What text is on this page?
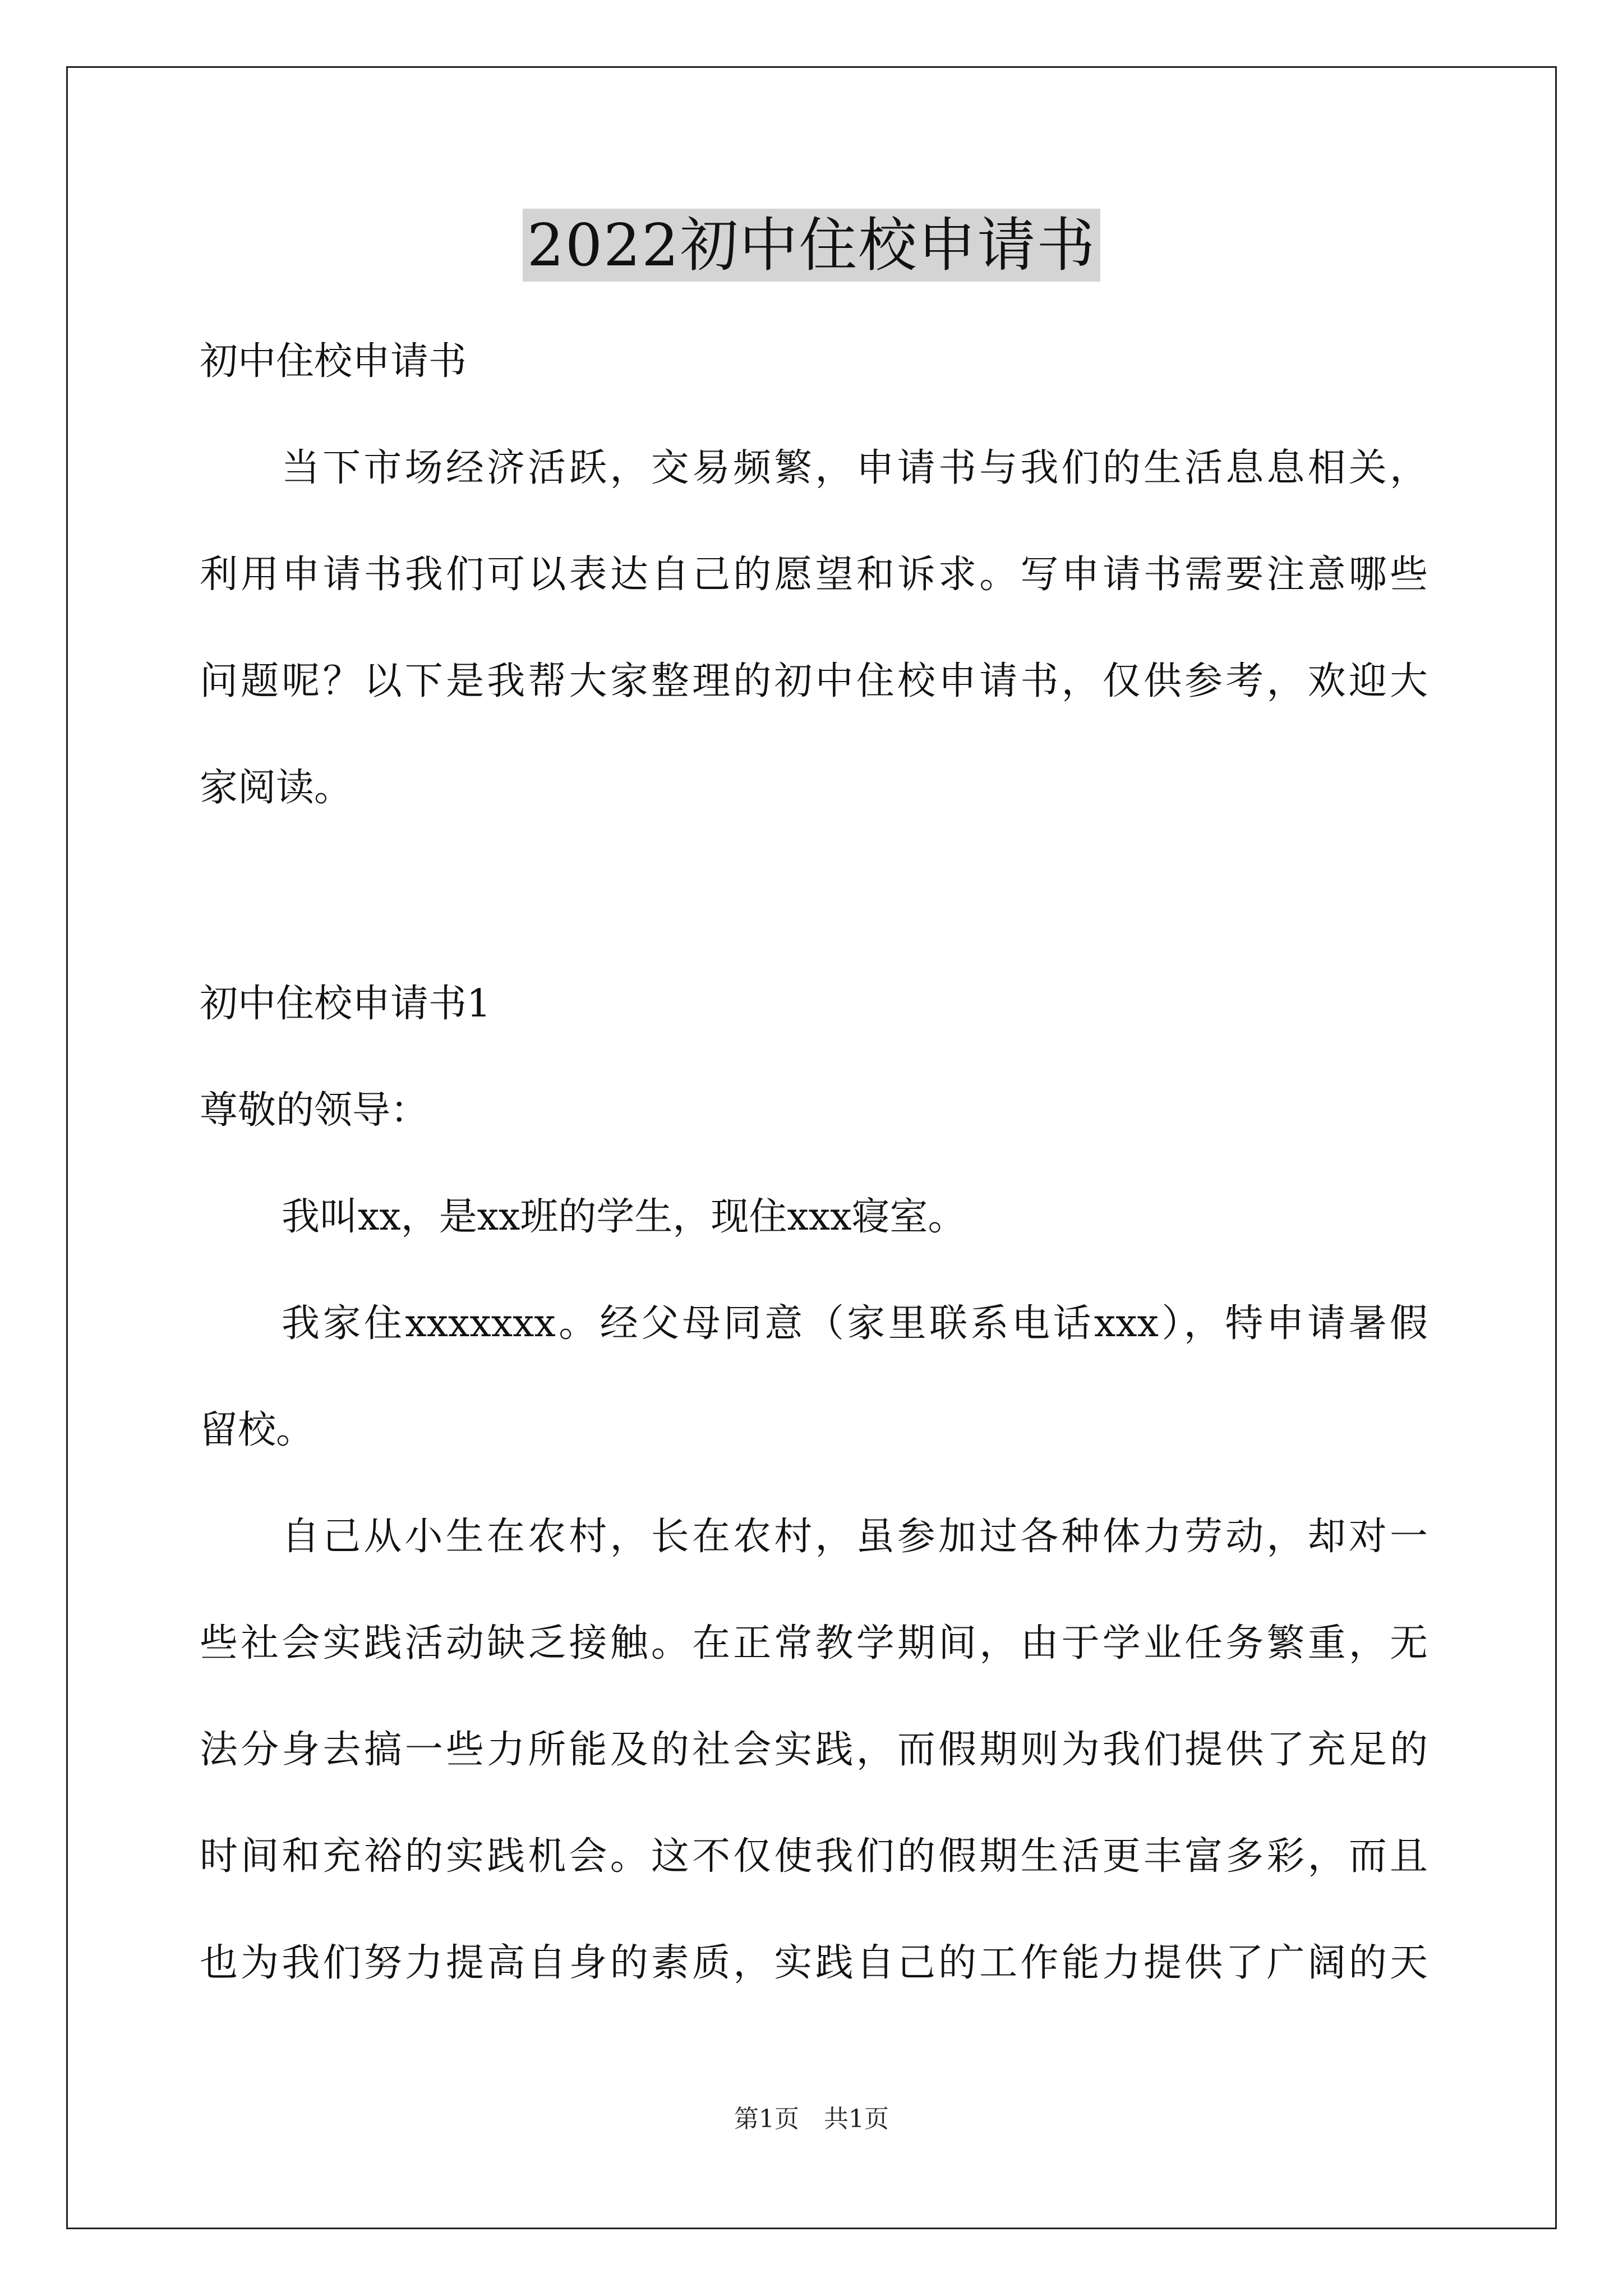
2022初中住校申请书
初中住校申请书
当下市场经济活跃，交易频繁，申请书与我们的生活息息相关，
利用申请书我们可以表达自己的愿望和诉求。写申请书需要注意哪些
问题呢？以下是我帮大家整理的初中住校申请书，仅供参考，欢迎大
家阅读。
初中住校申请书1
尊敬的领导：
我叫xx，是xx班的学生，现住xxx寝室。
我家住xxxxxxx。经父母同意（家里联系电话xxx），特申请暑假
留校。
自己从小生在农村，长在农村，虽参加过各种体力劳动，却对一
些社会实践活动缺乏接触。在正常教学期间，由于学业任务繁重，无
法分身去搞一些力所能及的社会实践，而假期则为我们提供了充足的
时间和充裕的实践机会。这不仅使我们的假期生活更丰富多彩，而且
也为我们努力提高自身的素质，实践自己的工作能力提供了广阔的天
第1页 共1页
